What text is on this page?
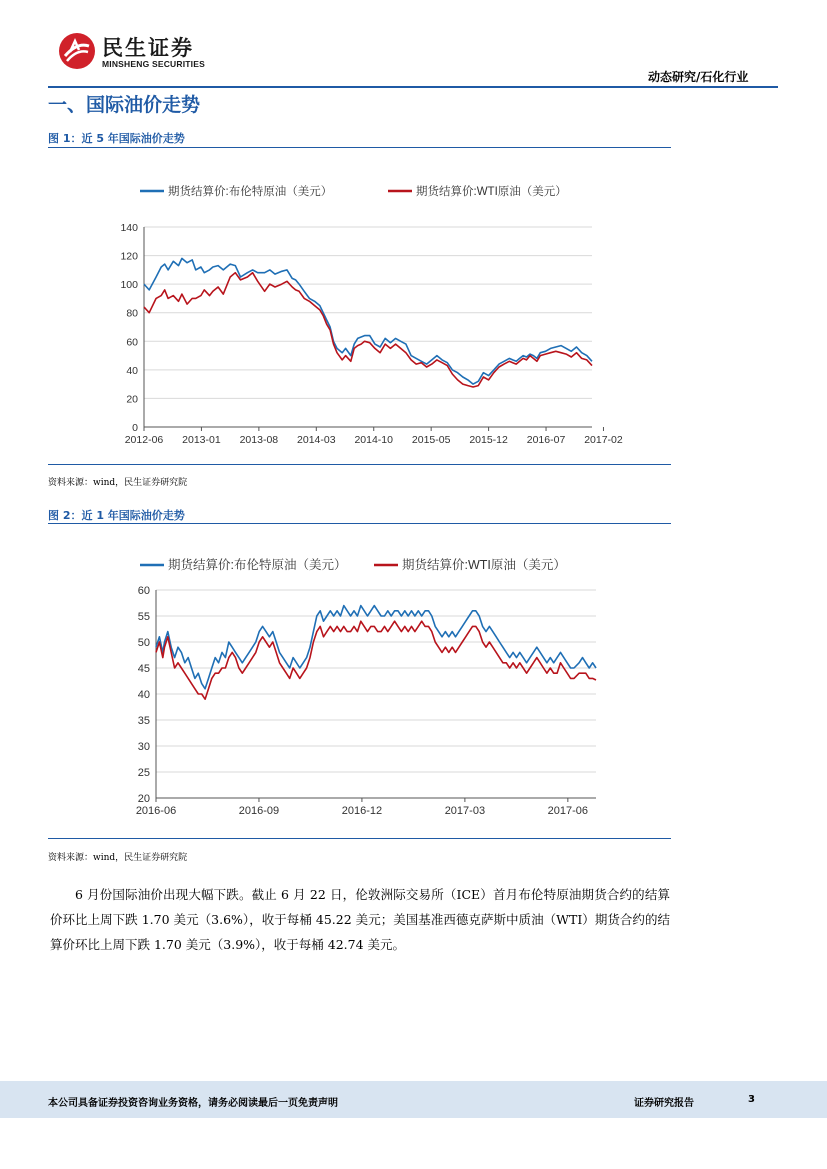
民生证券
MINSHENG SECURITIES
动态研究/石化行业
一、国际油价走势
图 1：近 5 年国际油价走势
期货结算价:布伦特原油（美元）	期货结算价:WTI原油（美元）
0
20
40
60
80
100
120
140
2012-06 2013-01 2013-08 2014-03 2014-10 2015-05 2015-12 2016-07 2017-02
资料来源：wind，民生证券研究院
图 2：近 1 年国际油价走势
期货结算价:布伦特原油（美元）	期货结算价:WTI原油（美元）
20
25
30
35
40
45
50
55
60
2016-06	2016-09	2016-12	2017-03	2017-06
资料来源：wind，民生证券研究院
6 月份国际油价出现大幅下跌。截止 6 月 22 日，伦敦洲际交易所（ICE）首月布伦特原油期货合约的结算价环比上周下跌 1.70 美元（3.6%），收于每桶 45.22 美元；美国基准西德克萨斯中质油（WTI）期货合约的结算价环比上周下跌 1.70 美元（3.9%），收于每桶 42.74 美元。
本公司具备证券投资咨询业务资格，请务必阅读最后一页免责声明	证券研究报告	3
